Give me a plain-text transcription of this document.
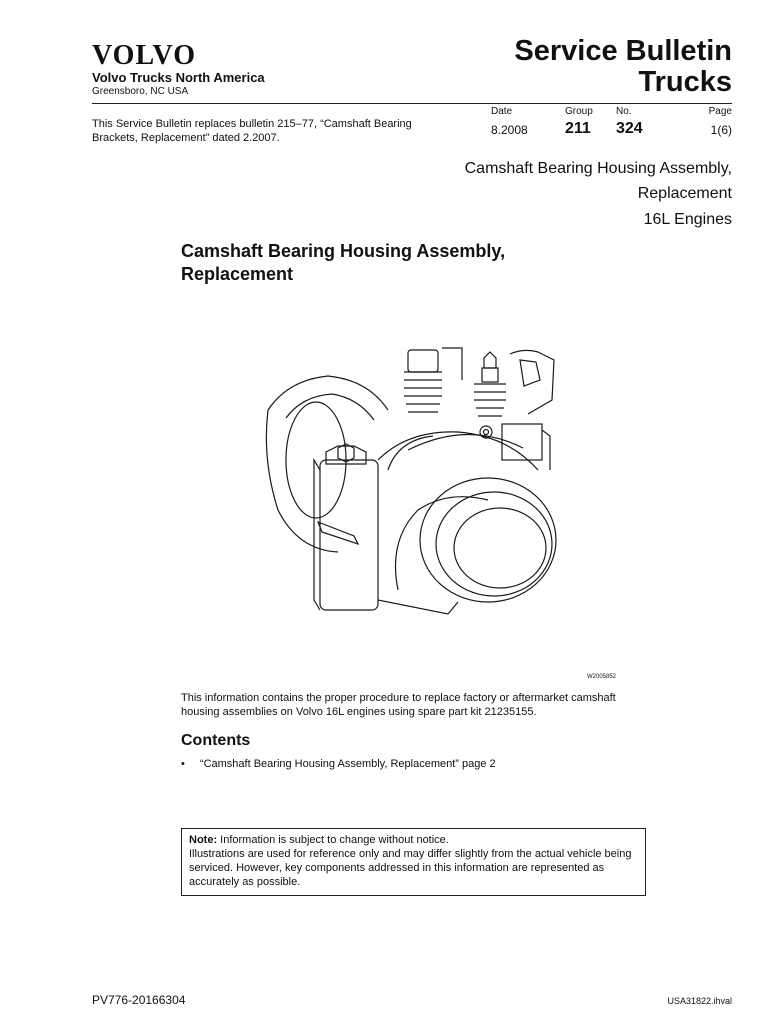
VOLVO
Volvo Trucks North America
Greensboro, NC USA
Service Bulletin
Trucks
This Service Bulletin replaces bulletin 215–77, “Camshaft Bearing Brackets, Replacement” dated 2.2007.
Date	Group No.	Page
8.2008 211 324	1(6)
Camshaft Bearing Housing Assembly,
Replacement
16L Engines
Camshaft Bearing Housing Assembly,
Replacement
W2005852
This information contains the proper procedure to replace factory or aftermarket camshaft housing assemblies on Volvo 16L engines using spare part kit 21235155.
Contents
• “Camshaft Bearing Housing Assembly, Replacement” page 2
Note: Information is subject to change without notice.
Illustrations are used for reference only and may differ slightly from the actual vehicle being serviced. However, key components addressed in this information are represented as accurately as possible.
PV776-20166304	USA31822.ihval
